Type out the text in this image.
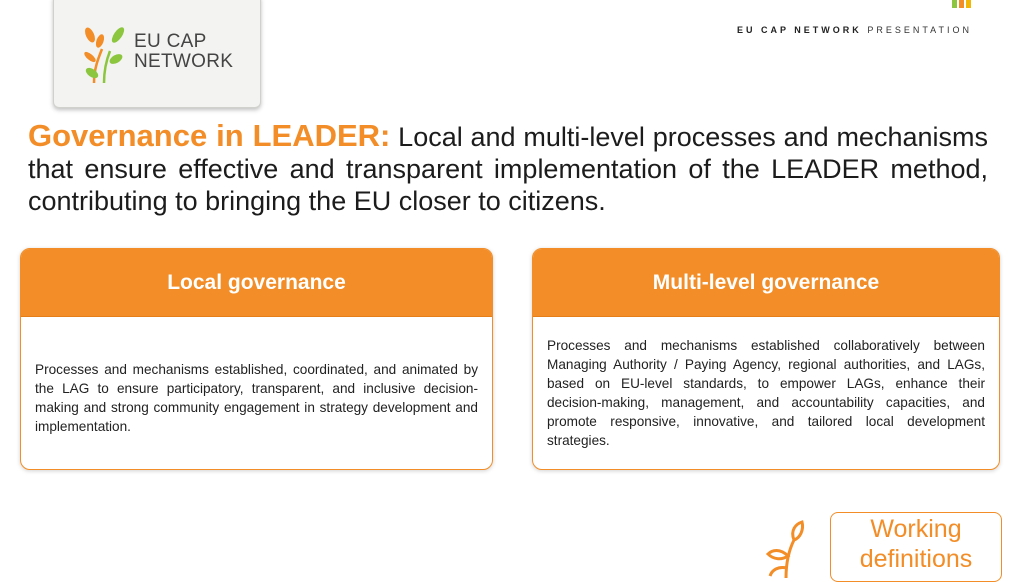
EU CAP
NETWORK
EU CAP NETWORK PRESENTATION
Governance in LEADER: Local and multi-level processes and mechanisms that ensure effective and transparent implementation of the LEADER method, contributing to bringing the EU closer to citizens.
Local governance
Processes and mechanisms established, coordinated, and animated by the LAG to ensure participatory, transparent, and inclusive decision-making and strong community engagement in strategy development and implementation.
Multi-level governance
Processes and mechanisms established collaboratively between Managing Authority / Paying Agency, regional authorities, and LAGs, based on EU-level standards, to empower LAGs, enhance their decision-making, management, and accountability capacities, and promote responsive, innovative, and tailored local development strategies.
Working
definitions
